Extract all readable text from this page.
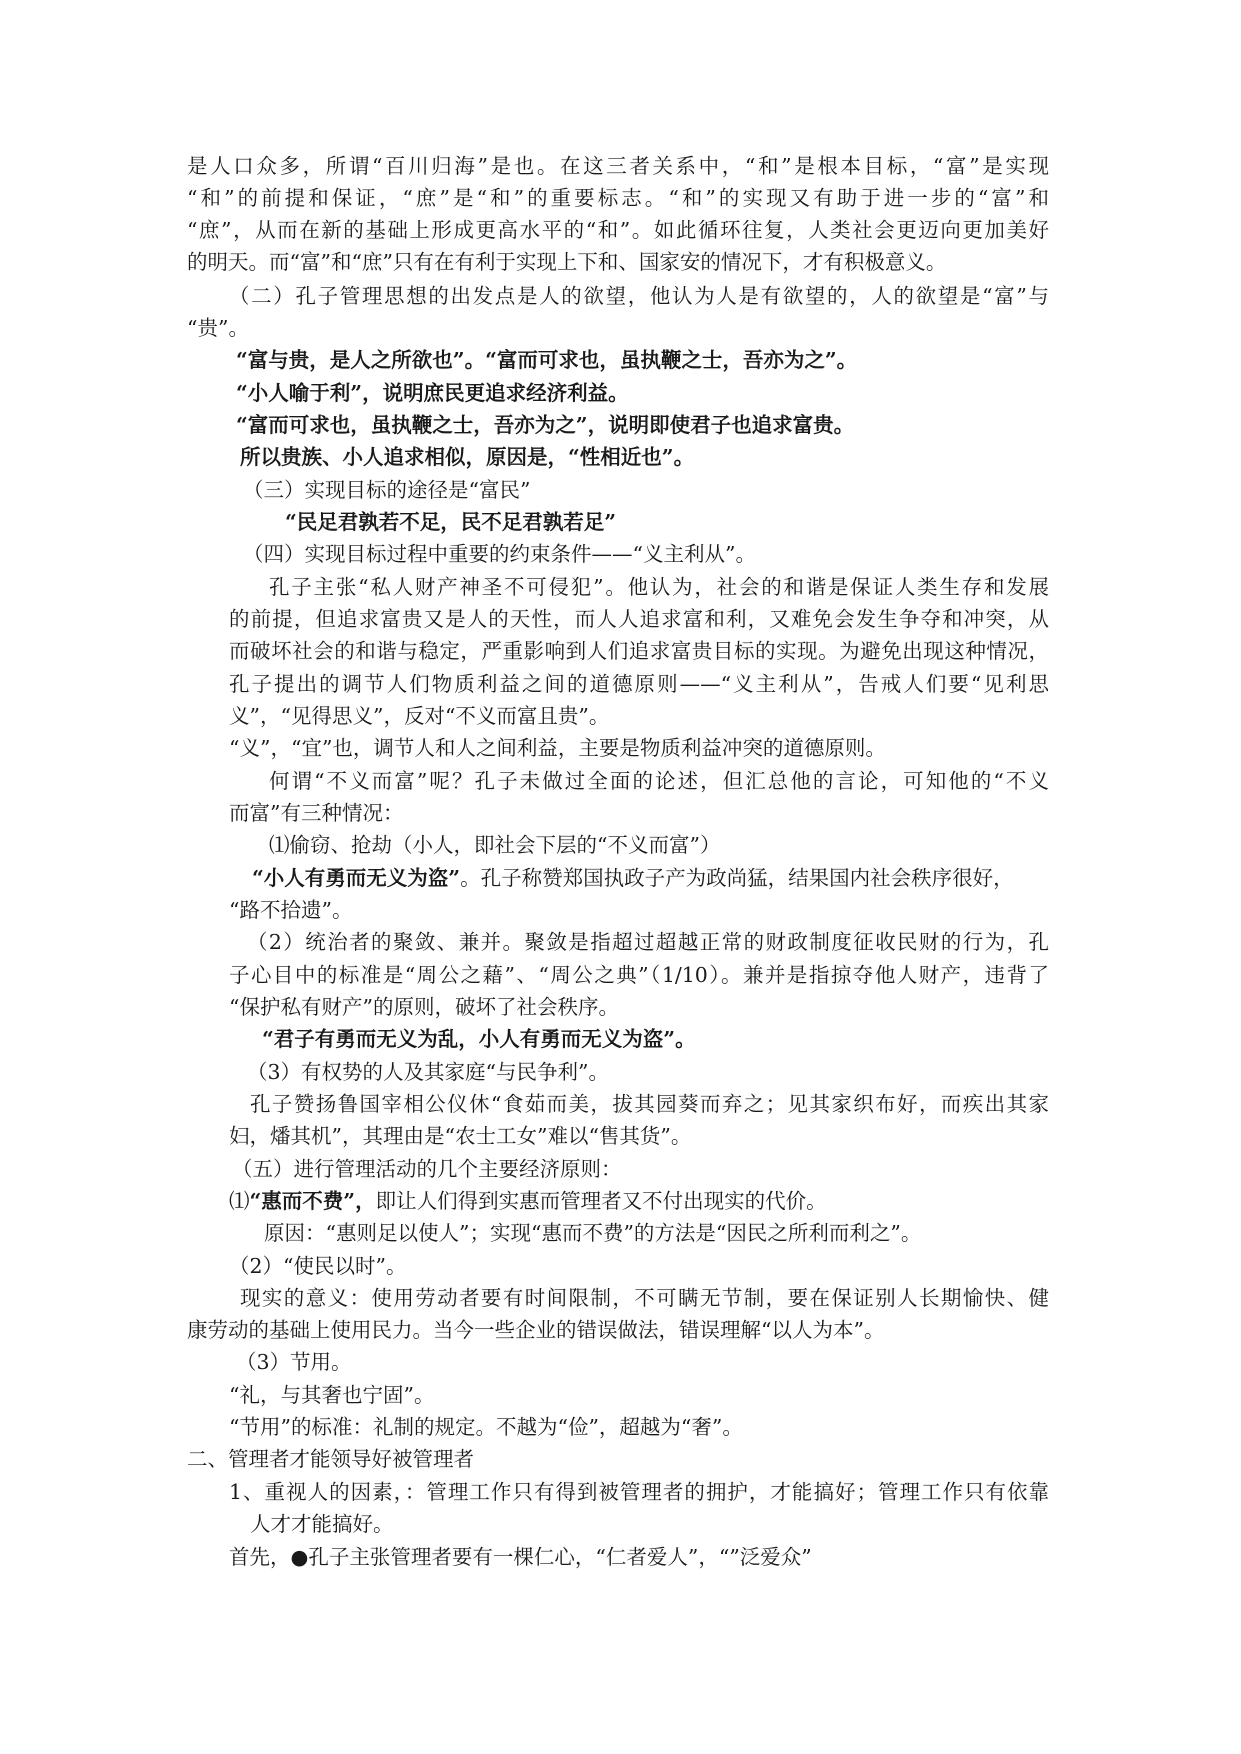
是人口众多，所谓“百川归海”是也。在这三者关系中，“和”是根本目标，“富”是实现
“和”的前提和保证，“庶”是“和”的重要标志。“和”的实现又有助于进一步的“富”和
“庶”，从而在新的基础上形成更高水平的“和”。如此循环往复，人类社会更迈向更加美好
的明天。而“富”和“庶”只有在有利于实现上下和、国家安的情况下，才有积极意义。
（二）孔子管理思想的出发点是人的欲望，他认为人是有欲望的，人的欲望是“富”与
“贵”。
“富与贵，是人之所欲也”。“富而可求也，虽执鞭之士，吾亦为之”。
“小人喻于利”，说明庶民更追求经济利益。
“富而可求也，虽执鞭之士，吾亦为之”，说明即使君子也追求富贵。
所以贵族、小人追求相似，原因是，“性相近也”。
（三）实现目标的途径是“富民”
“民足君孰若不足，民不足君孰若足”
（四）实现目标过程中重要的约束条件——“义主利从”。
孔子主张“私人财产神圣不可侵犯”。他认为，社会的和谐是保证人类生存和发展
的前提，但追求富贵又是人的天性，而人人追求富和利，又难免会发生争夺和冲突，从
而破坏社会的和谐与稳定，严重影响到人们追求富贵目标的实现。为避免出现这种情况，
孔子提出的调节人们物质利益之间的道德原则——“义主利从”，告戒人们要“见利思
义”，“见得思义”，反对“不义而富且贵”。
“义”，“宜”也，调节人和人之间利益，主要是物质利益冲突的道德原则。
何谓“不义而富”呢？孔子未做过全面的论述，但汇总他的言论，可知他的“不义
而富”有三种情况：
⑴偷窃、抢劫（小人，即社会下层的“不义而富”）
“小人有勇而无义为盗”。孔子称赞郑国执政子产为政尚猛，结果国内社会秩序很好，
“路不拾遗”。
（2）统治者的聚敛、兼并。聚敛是指超过超越正常的财政制度征收民财的行为，孔
子心目中的标准是“周公之藉”、“周公之典”（1/10）。兼并是指掠夺他人财产，违背了
“保护私有财产”的原则，破坏了社会秩序。
“君子有勇而无义为乱，小人有勇而无义为盗”。
（3）有权势的人及其家庭“与民争利”。
孔子赞扬鲁国宰相公仪休“食茹而美，拔其园葵而弃之；见其家织布好，而疾出其家
妇，燔其机”，其理由是“农士工女”难以“售其货”。
（五）进行管理活动的几个主要经济原则：
⑴“惠而不费”，即让人们得到实惠而管理者又不付出现实的代价。
原因：“惠则足以使人”；实现“惠而不费”的方法是“因民之所利而利之”。
（2）“使民以时”。
现实的意义：使用劳动者要有时间限制，不可瞒无节制，要在保证别人长期愉快、健
康劳动的基础上使用民力。当今一些企业的错误做法，错误理解“以人为本”。
（3）节用。
“礼，与其奢也宁固”。
“节用”的标准：礼制的规定。不越为“俭”，超越为“奢”。
二、管理者才能领导好被管理者
1、重视人的因素，：管理工作只有得到被管理者的拥护，才能搞好；管理工作只有依靠
人才才能搞好。
首先，●孔子主张管理者要有一棵仁心，“仁者爱人”，“”泛爱众”
